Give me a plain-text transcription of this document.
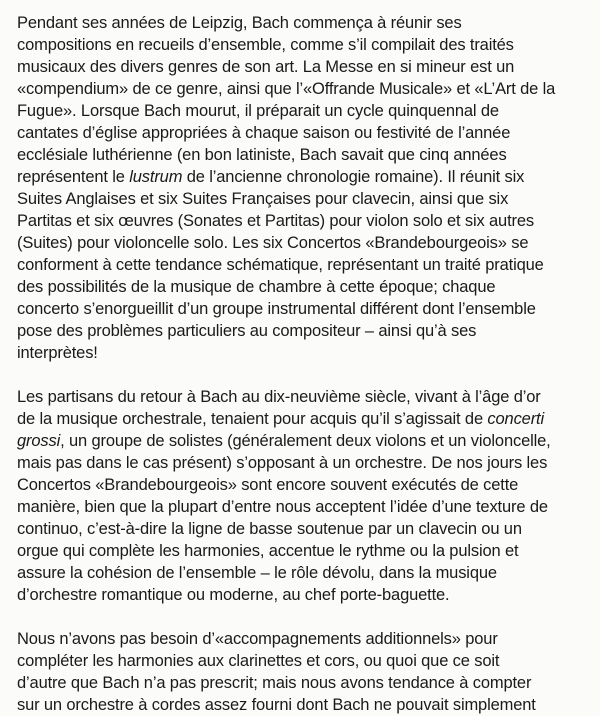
Pendant ses années de Leipzig, Bach commença à réunir ses
compositions en recueils d’ensemble, comme s’il compilait des traités
musicaux des divers genres de son art. La Messe en si mineur est un
«compendium» de ce genre, ainsi que l’«Offrande Musicale» et «L’Art de la
Fugue». Lorsque Bach mourut, il préparait un cycle quinquennal de
cantates d’église appropriées à chaque saison ou festivité de l’année
ecclésiale luthérienne (en bon latiniste, Bach savait que cinq années
représentent le lustrum de l’ancienne chronologie romaine). Il réunit six
Suites Anglaises et six Suites Françaises pour clavecin, ainsi que six
Partitas et six œuvres (Sonates et Partitas) pour violon solo et six autres
(Suites) pour violoncelle solo. Les six Concertos «Brandebourgeois» se
conforment à cette tendance schématique, représentant un traité pratique
des possibilités de la musique de chambre à cette époque; chaque
concerto s’enorgueillit d’un groupe instrumental différent dont l’ensemble
pose des problèmes particuliers au compositeur – ainsi qu’à ses
interprètes!
Les partisans du retour à Bach au dix-neuvième siècle, vivant à l’âge d’or
de la musique orchestrale, tenaient pour acquis qu’il s’agissait de concerti
grossi, un groupe de solistes (généralement deux violons et un violoncelle,
mais pas dans le cas présent) s’opposant à un orchestre. De nos jours les
Concertos «Brandebourgeois» sont encore souvent exécutés de cette
manière, bien que la plupart d’entre nous acceptent l’idée d’une texture de
continuo, c’est-à-dire la ligne de basse soutenue par un clavecin ou un
orgue qui complète les harmonies, accentue le rythme ou la pulsion et
assure la cohésion de l’ensemble – le rôle dévolu, dans la musique
d’orchestre romantique ou moderne, au chef porte-baguette.
Nous n’avons pas besoin d’«accompagnements additionnels» pour
compléter les harmonies aux clarinettes et cors, ou quoi que ce soit
d’autre que Bach n’a pas prescrit; mais nous avons tendance à compter
sur un orchestre à cordes assez fourni dont Bach ne pouvait simplement
